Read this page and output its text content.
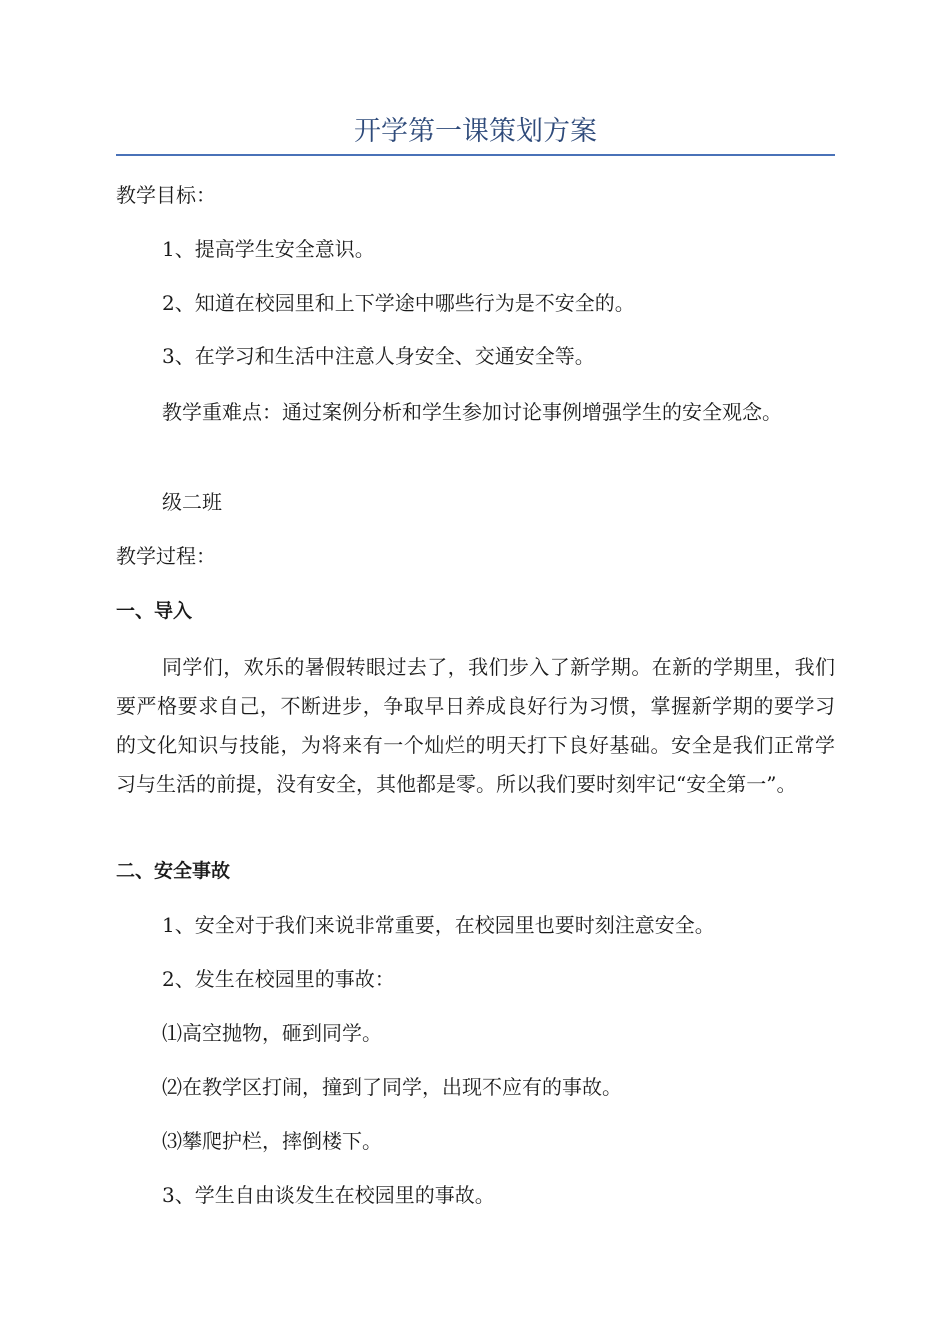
开学第一课策划方案

教学目标：

1、提高学生安全意识。

2、知道在校园里和上下学途中哪些行为是不安全的。

3、在学习和生活中注意人身安全、交通安全等。

教学重难点：通过案例分析和学生参加讨论事例增强学生的安全观念。

级二班

教学过程：

一、导入

同学们，欢乐的暑假转眼过去了，我们步入了新学期。在新的学期里，我们要严格要求自己，不断进步，争取早日养成良好行为习惯，掌握新学期的要学习的文化知识与技能，为将来有一个灿烂的明天打下良好基础。安全是我们正常学习与生活的前提，没有安全，其他都是零。所以我们要时刻牢记“安全第一”。

二、安全事故

1、安全对于我们来说非常重要，在校园里也要时刻注意安全。

2、发生在校园里的事故：

⑴高空抛物，砸到同学。

⑵在教学区打闹，撞到了同学，出现不应有的事故。

⑶攀爬护栏，摔倒楼下。

3、学生自由谈发生在校园里的事故。
